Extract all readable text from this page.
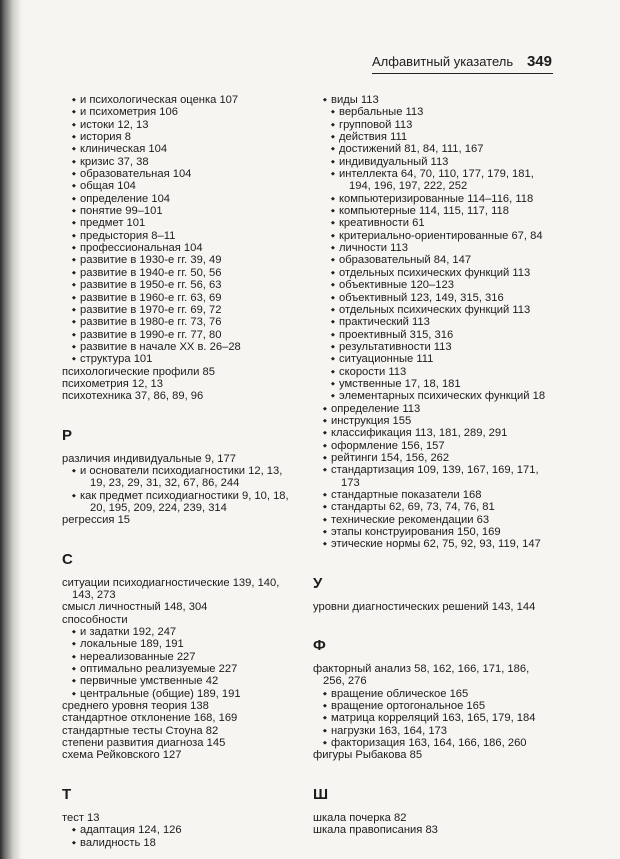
Алфавитный указатель 349
◆ и психологическая оценка 107
◆ и психометрия 106
◆ истоки 12, 13
◆ история 8
◆ клиническая 104
◆ кризис 37, 38
◆ образовательная 104
◆ общая 104
◆ определение 104
◆ понятие 99–101
◆ предмет 101
◆ предыстория 8–11
◆ профессиональная 104
◆ развитие в 1930-е гг. 39, 49
◆ развитие в 1940-е гг. 50, 56
◆ развитие в 1950-е гг. 56, 63
◆ развитие в 1960-е гг. 63, 69
◆ развитие в 1970-е гг. 69, 72
◆ развитие в 1980-е гг. 73, 76
◆ развитие в 1990-е гг. 77, 80
◆ развитие в начале XX в. 26–28
◆ структура 101
психологические профили 85
психометрия 12, 13
психотехника 37, 86, 89, 96
Р
различия индивидуальные 9, 177
◆ и основатели психодиагностики 12, 13,
19, 23, 29, 31, 32, 67, 86, 244
◆ как предмет психодиагностики 9, 10, 18,
20, 195, 209, 224, 239, 314
регрессия 15
С
ситуации психодиагностические 139, 140,
143, 273
смысл личностный 148, 304
способности
◆ и задатки 192, 247
◆ локальные 189, 191
◆ нереализованные 227
◆ оптимально реализуемые 227
◆ первичные умственные 42
◆ центральные (общие) 189, 191
среднего уровня теория 138
стандартное отклонение 168, 169
стандартные тесты Стоуна 82
степени развития диагноза 145
схема Рейковского 127
Т
тест 13
◆ адаптация 124, 126
◆ валидность 18
◆ виды 113
◆ вербальные 113
◆ групповой 113
◆ действия 111
◆ достижений 81, 84, 111, 167
◆ индивидуальный 113
◆ интеллекта 64, 70, 110, 177, 179, 181,
194, 196, 197, 222, 252
◆ компьютеризированные 114–116, 118
◆ компьютерные 114, 115, 117, 118
◆ креативности 61
◆ критериально-ориентированные 67, 84
◆ личности 113
◆ образовательный 84, 147
◆ отдельных психических функций 113
◆ объективные 120–123
◆ объективный 123, 149, 315, 316
◆ отдельных психических функций 113
◆ практический 113
◆ проективный 315, 316
◆ результативности 113
◆ ситуационные 111
◆ скорости 113
◆ умственные 17, 18, 181
◆ элементарных психических функций 18
◆ определение 113
◆ инструкция 155
◆ классификация 113, 181, 289, 291
◆ оформление 156, 157
◆ рейтинги 154, 156, 262
◆ стандартизация 109, 139, 167, 169, 171,
173
◆ стандартные показатели 168
◆ стандарты 62, 69, 73, 74, 76, 81
◆ технические рекомендации 63
◆ этапы конструирования 150, 169
◆ этические нормы 62, 75, 92, 93, 119, 147
У
уровни диагностических решений 143, 144
Ф
факторный анализ 58, 162, 166, 171, 186,
256, 276
◆ вращение облическое 165
◆ вращение ортогональное 165
◆ матрица корреляций 163, 165, 179, 184
◆ нагрузки 163, 164, 173
◆ факторизация 163, 164, 166, 186, 260
фигуры Рыбакова 85
Ш
шкала почерка 82
шкала правописания 83
